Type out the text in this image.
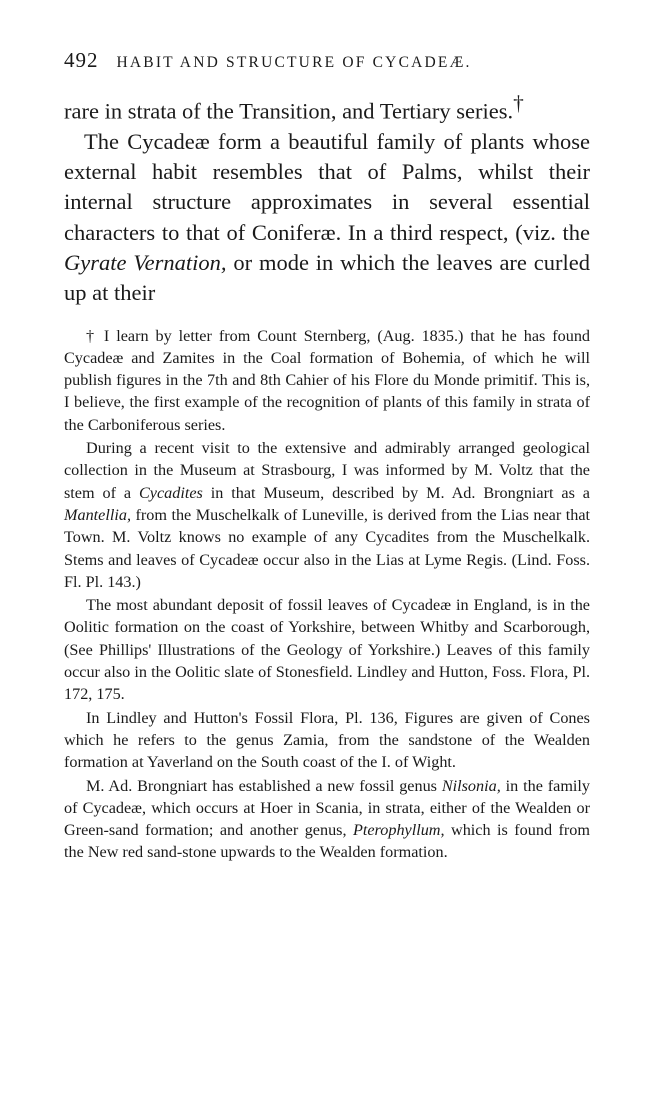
492 HABIT AND STRUCTURE OF CYCADEÆ.

rare in strata of the Transition, and Tertiary series.†

The Cycadeæ form a beautiful family of plants whose external habit resembles that of Palms, whilst their internal structure approximates in several essential characters to that of Coniferæ. In a third respect, (viz. the Gyrate Vernation, or mode in which the leaves are curled up at their

† I learn by letter from Count Sternberg, (Aug. 1835.) that he has found Cycadeæ and Zamites in the Coal formation of Bohemia, of which he will publish figures in the 7th and 8th Cahier of his Flore du Monde primitif. This is, I believe, the first example of the recognition of plants of this family in strata of the Carboniferous series.

During a recent visit to the extensive and admirably arranged geological collection in the Museum at Strasbourg, I was informed by M. Voltz that the stem of a Cycadites in that Museum, described by M. Ad. Brongniart as a Mantellia, from the Muschelkalk of Luneville, is derived from the Lias near that Town. M. Voltz knows no example of any Cycadites from the Muschelkalk. Stems and leaves of Cycadeæ occur also in the Lias at Lyme Regis. (Lind. Foss. Fl. Pl. 143.)

The most abundant deposit of fossil leaves of Cycadeæ in England, is in the Oolitic formation on the coast of Yorkshire, between Whitby and Scarborough, (See Phillips' Illustrations of the Geology of Yorkshire.) Leaves of this family occur also in the Oolitic slate of Stonesfield. Lindley and Hutton, Foss. Flora, Pl. 172, 175.

In Lindley and Hutton's Fossil Flora, Pl. 136, Figures are given of Cones which he refers to the genus Zamia, from the sandstone of the Wealden formation at Yaverland on the South coast of the I. of Wight.

M. Ad. Brongniart has established a new fossil genus Nilsonia, in the family of Cycadeæ, which occurs at Hoer in Scania, in strata, either of the Wealden or Green-sand formation; and another genus, Pterophyllum, which is found from the New red sand-stone upwards to the Wealden formation.
